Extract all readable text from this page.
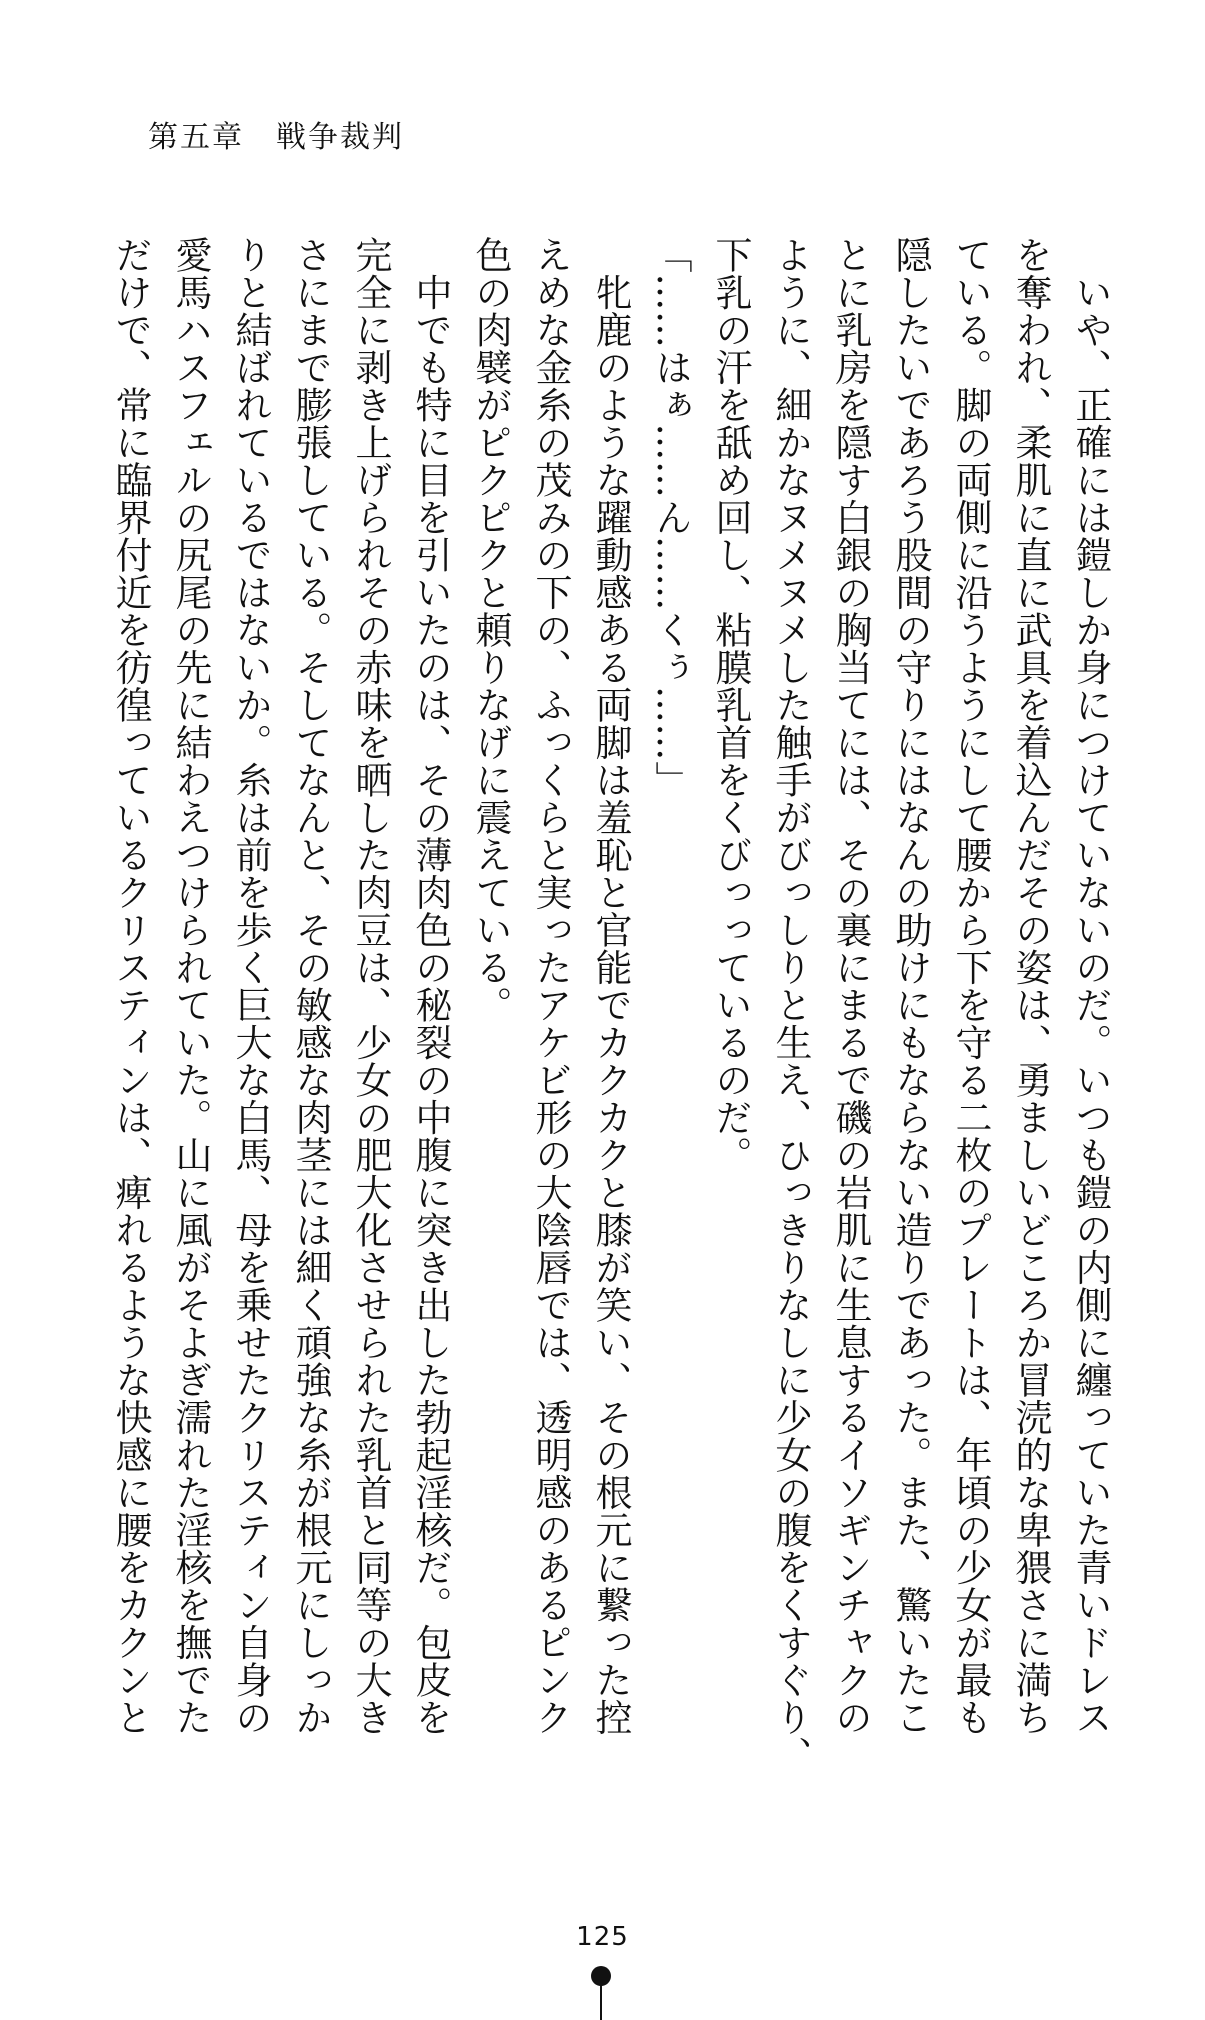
第五章　戦争裁判
　いや、正確には鎧しか身につけていないのだ。いつも鎧の内側に纏っていた青いドレス
を奪われ、柔肌に直に武具を着込んだその姿は、勇ましいどころか冒涜的な卑猥さに満ち
ている。脚の両側に沿うようにして腰から下を守る二枚のプレートは、年頃の少女が最も
隠したいであろう股間の守りにはなんの助けにもならない造りであった。また、驚いたこ
とに乳房を隠す白銀の胸当てには、その裏にまるで磯の岩肌に生息するイソギンチャクの
ように、細かなヌメヌメした触手がびっしりと生え、ひっきりなしに少女の腹をくすぐり、
下乳の汗を舐め回し、粘膜乳首をくびっっているのだ。
「……はぁ……ん……くぅ……」
　牝鹿のような躍動感ある両脚は羞恥と官能でカクカクと膝が笑い、その根元に繋った控
えめな金糸の茂みの下の、ふっくらと実ったアケビ形の大陰唇では、透明感のあるピンク
色の肉襞がピクピクと頼りなげに震えている。
　中でも特に目を引いたのは、その薄肉色の秘裂の中腹に突き出した勃起淫核だ。包皮を
完全に剥き上げられその赤味を晒した肉豆は、少女の肥大化させられた乳首と同等の大き
さにまで膨張している。そしてなんと、その敏感な肉茎には細く頑強な糸が根元にしっか
りと結ばれているではないか。糸は前を歩く巨大な白馬、母を乗せたクリスティン自身の
愛馬ハスフェルの尻尾の先に結わえつけられていた。山に風がそよぎ濡れた淫核を撫でた
だけで、常に臨界付近を彷徨っているクリスティンは、痺れるような快感に腰をカクンと
125
